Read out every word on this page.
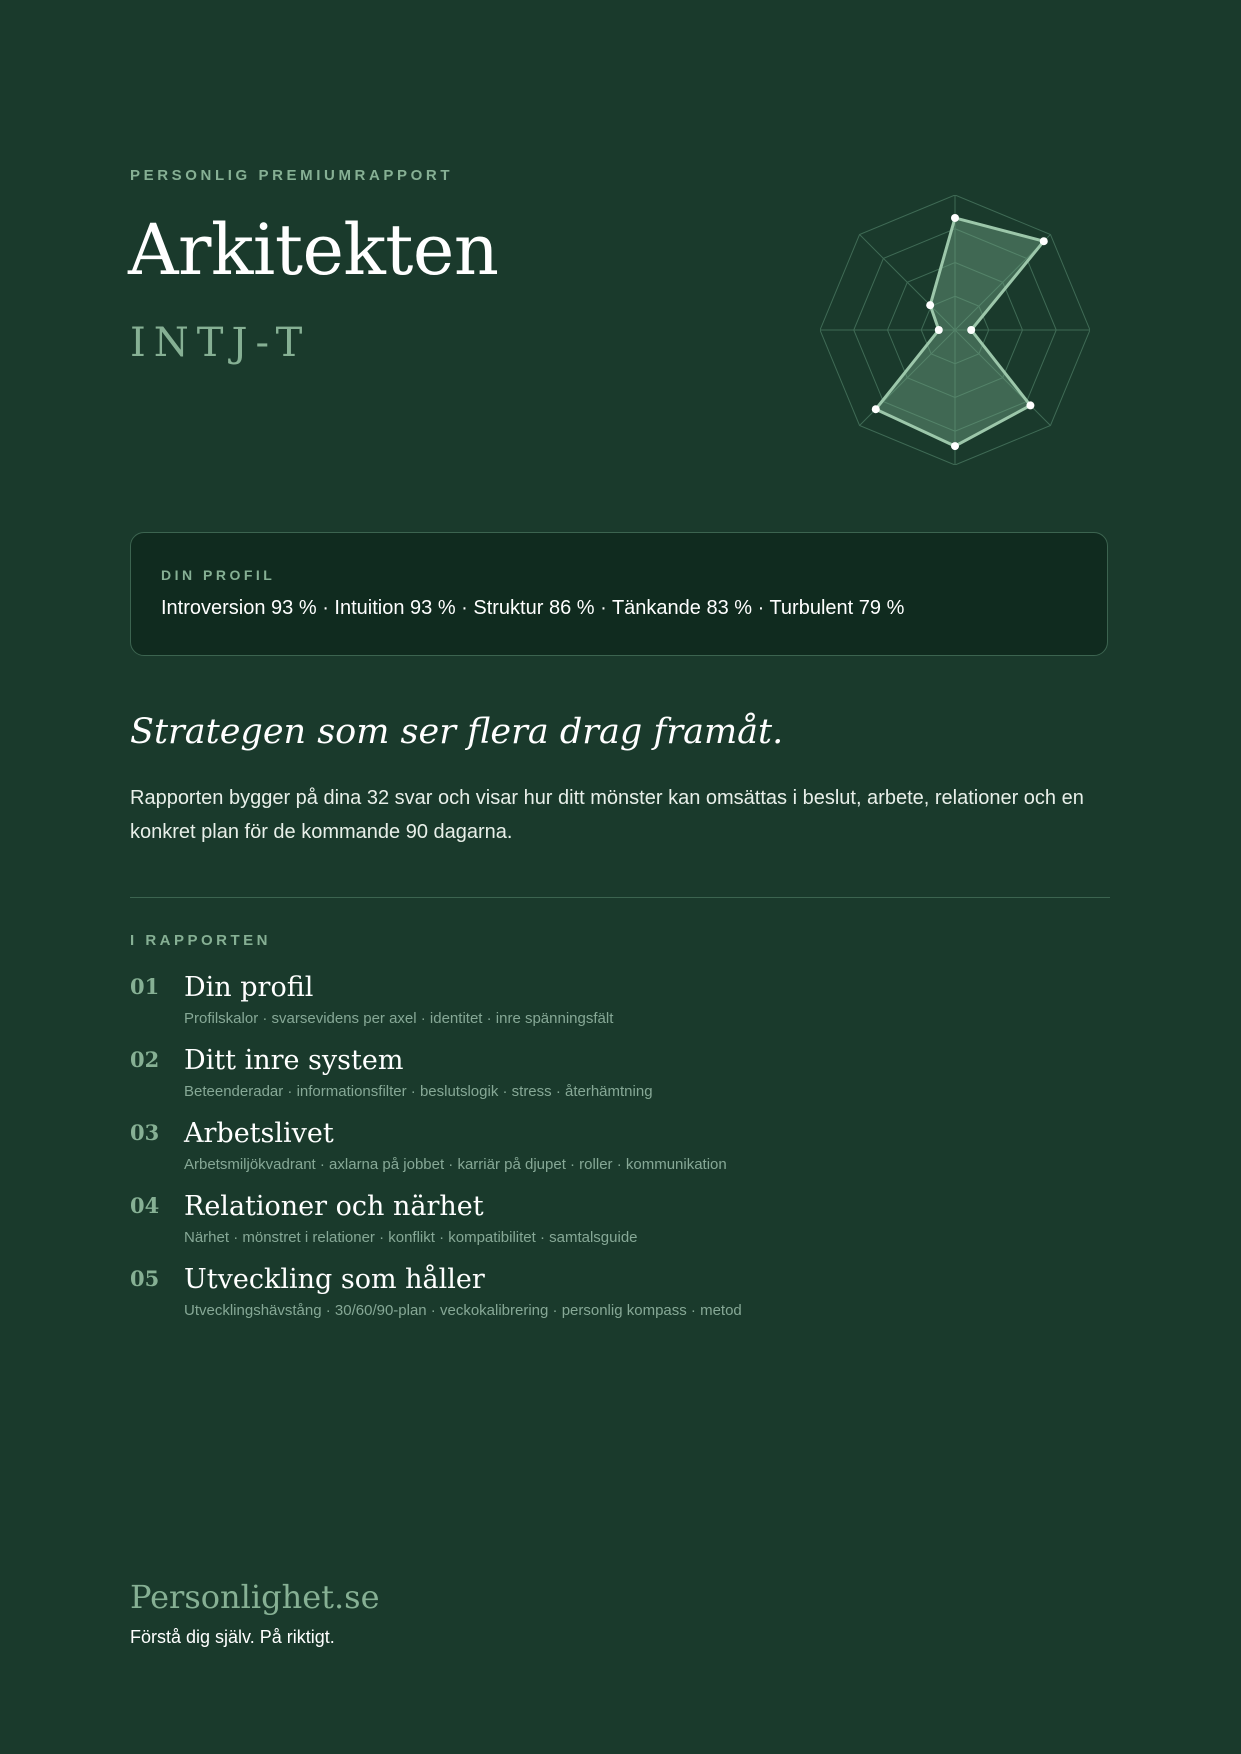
PERSONLIG PREMIUMRAPPORT
Arkitekten
INTJ-T
DIN PROFIL
Introversion 93 % · Intuition 93 % · Struktur 86 % · Tänkande 83 % · Turbulent 79 %
Strategen som ser flera drag framåt.
Rapporten bygger på dina 32 svar och visar hur ditt mönster kan omsättas i beslut, arbete, relationer och en konkret plan för de kommande 90 dagarna.
I RAPPORTEN
01 Din profil
Profilskalor · svarsevidens per axel · identitet · inre spänningsfält
02 Ditt inre system
Beteenderadar · informationsfilter · beslutslogik · stress · återhämtning
03 Arbetslivet
Arbetsmiljökvadrant · axlarna på jobbet · karriär på djupet · roller · kommunikation
04 Relationer och närhet
Närhet · mönstret i relationer · konflikt · kompatibilitet · samtalsguide
05 Utveckling som håller
Utvecklingshävstång · 30/60/90-plan · veckokalibrering · personlig kompass · metod
Personlighet.se
Förstå dig själv. På riktigt.
